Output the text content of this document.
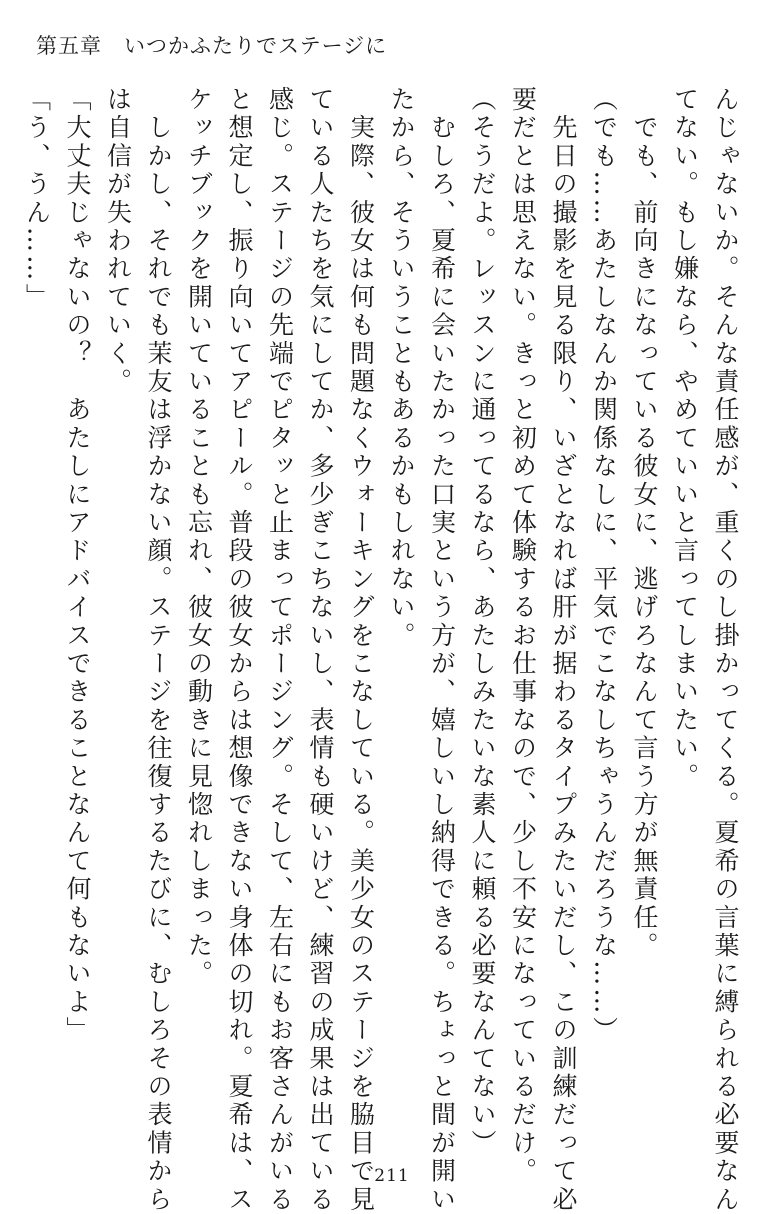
第五章　いつかふたりでステージに
んじゃないか。そんな責任感が、重くのし掛かってくる。夏希の言葉に縛られる必要なん
てない。もし嫌なら、やめていいと言ってしまいたい。
　でも、前向きになっている彼女に、逃げろなんて言う方が無責任。
（でも……あたしなんか関係なしに、平気でこなしちゃうんだろうな……）
　先日の撮影を見る限り、いざとなれば肝が据わるタイプみたいだし、この訓練だって必
要だとは思えない。きっと初めて体験するお仕事なので、少し不安になっているだけ。
（そうだよ。レッスンに通ってるなら、あたしみたいな素人に頼る必要なんてない）
　むしろ、夏希に会いたかった口実という方が、嬉しいし納得できる。ちょっと間が開い
たから、そういうこともあるかもしれない。
　実際、彼女は何も問題なくウォーキングをこなしている。美少女のステージを脇目で見
ている人たちを気にしてか、多少ぎこちないし、表情も硬いけど、練習の成果は出ている
感じ。ステージの先端でピタッと止まってポージング。そして、左右にもお客さんがいる
と想定し、振り向いてアピール。普段の彼女からは想像できない身体の切れ。夏希は、ス
ケッチブックを開いていることも忘れ、彼女の動きに見惚れしまった。
　しかし、それでも茉友は浮かない顔。ステージを往復するたびに、むしろその表情から
は自信が失われていく。
「大丈夫じゃないの？　あたしにアドバイスできることなんて何もないよ」
「う、うん……」
211
